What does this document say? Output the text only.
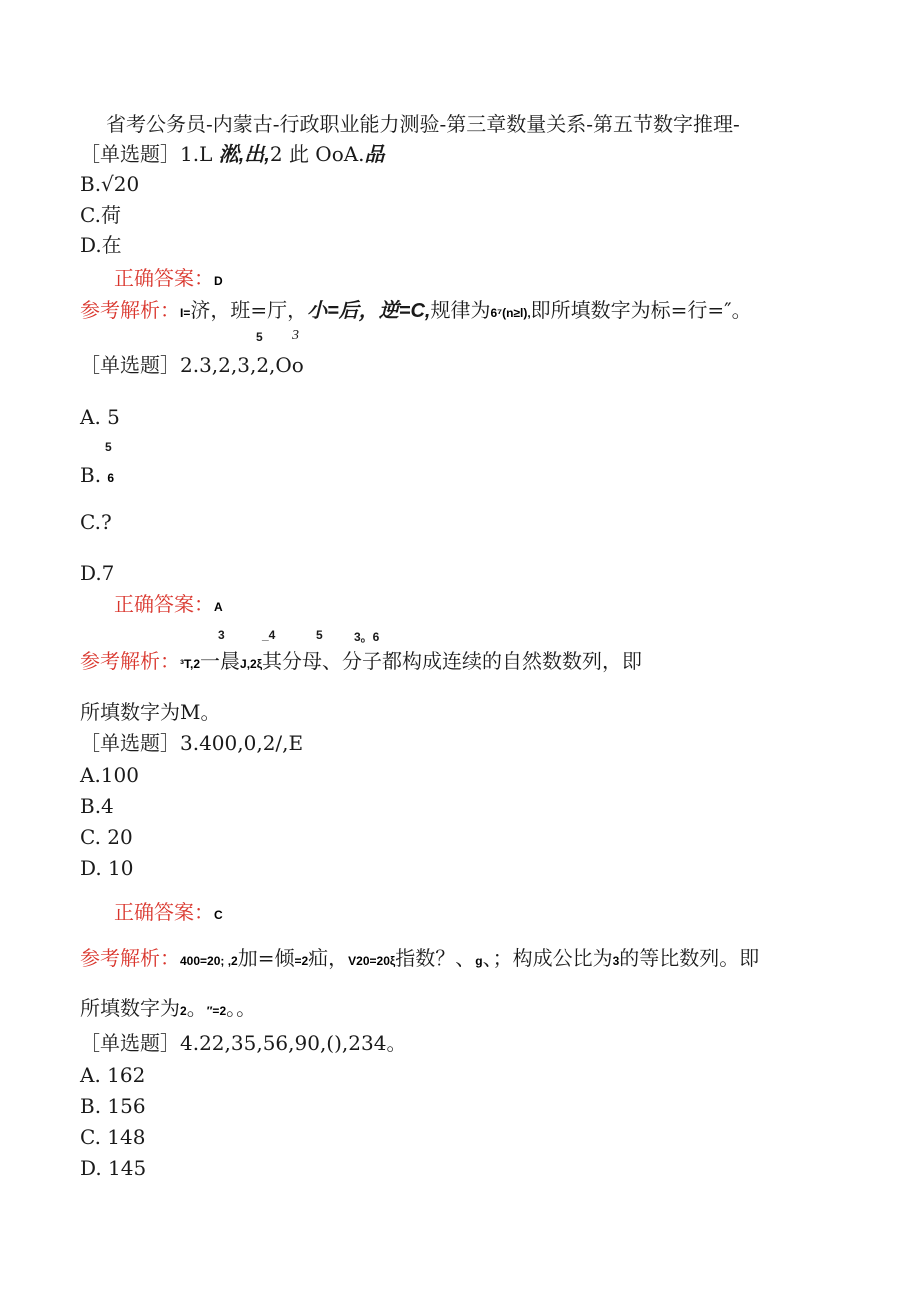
省考公务员-内蒙古-行政职业能力测验-第三章数量关系-第五节数字推理-
［单选题］1.L 淞,出,2 此 OoA.品
B.√20
C.荷
D.在
正确答案：D
参考解析：I=济，班=厅，小=后，逆=C,规律为6⁷(n≥l),即所填数字为标=行=″。
5 3
［单选题］2.3,2,3,2,Oo
A. 5
5
B. 6
C.?
D.7
正确答案：A
3	_4	5	3。6
参考解析：³T,2一晨J,2ξ其分母、分子都构成连续的自然数数列，即
所填数字为M。
［单选题］3.400,0,2/,E
A.100
B.4
C. 20
D. 10
正确答案：C
参考解析：400=20; ,2加=倾=2疝，V20=20ξ指数？、g、；构成公比为3的等比数列。即
所填数字为2。″=2。。
［单选题］4.22,35,56,90,(),234。
A. 162
B. 156
C. 148
D. 145
